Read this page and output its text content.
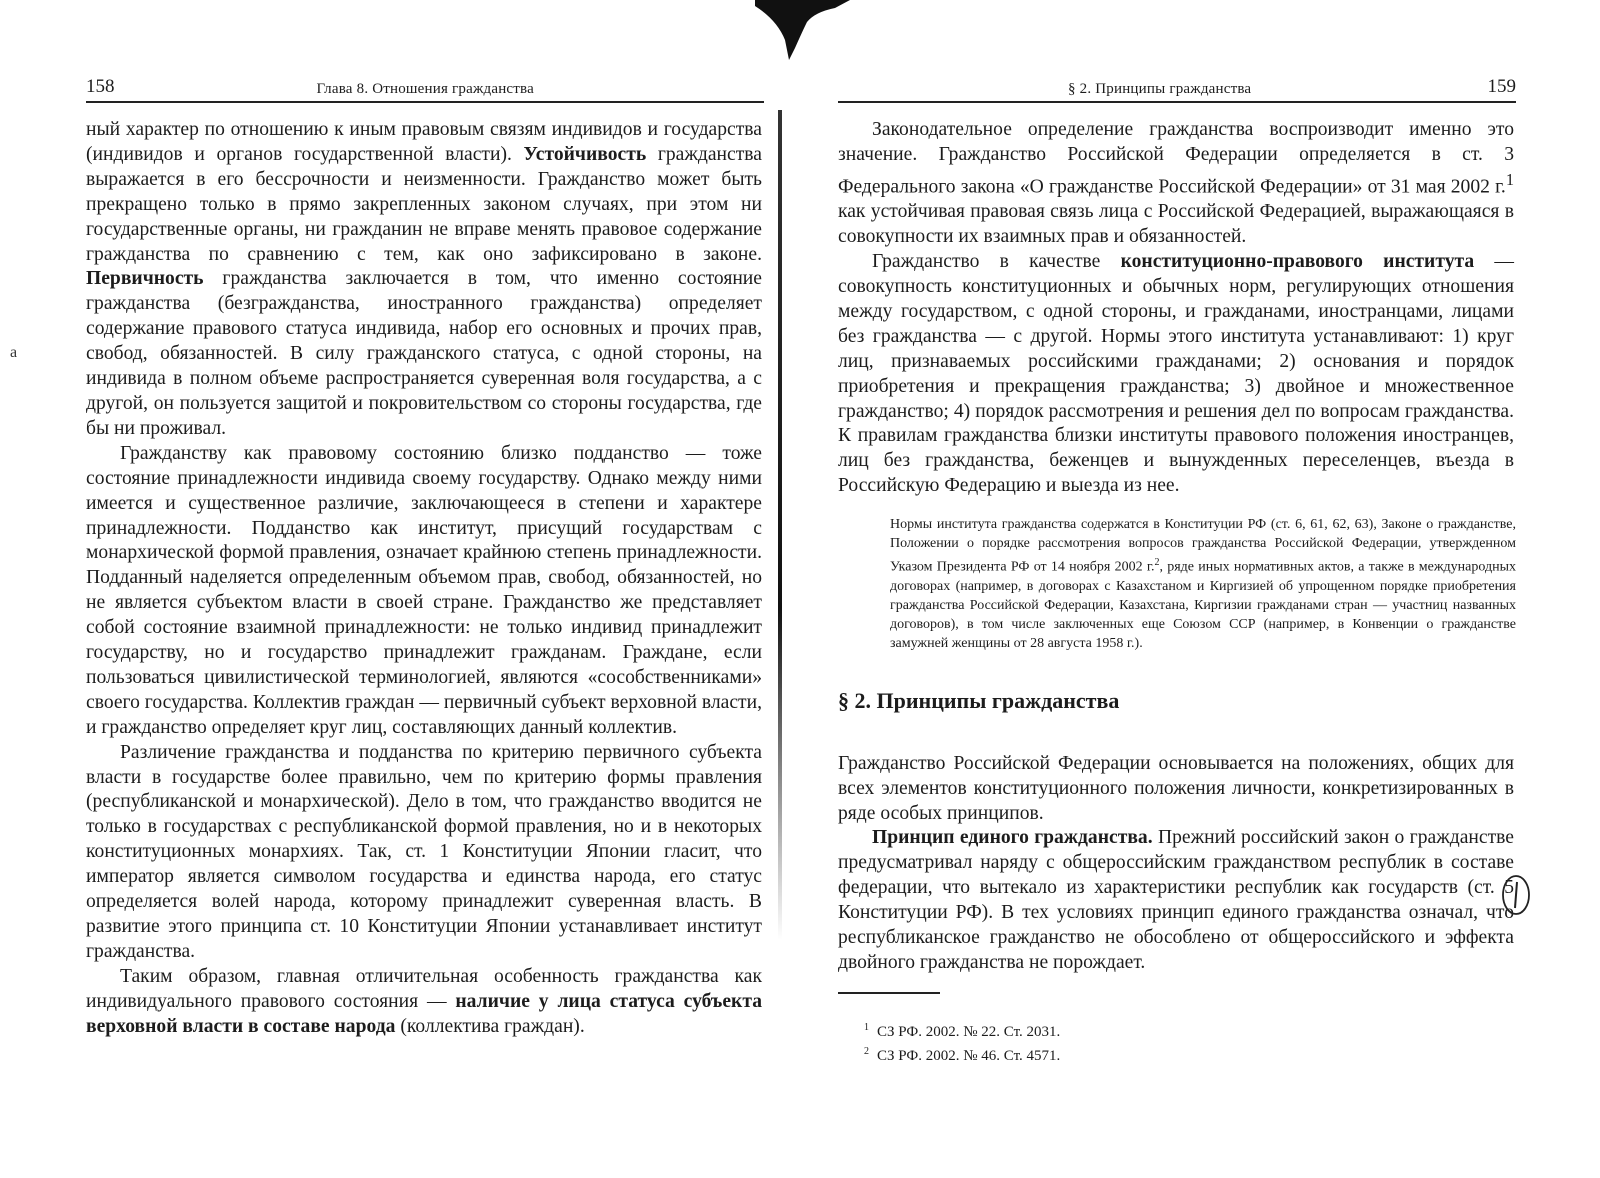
158	Глава 8. Отношения гражданства
а

ный характер по отношению к иным правовым связям индивидов и государства (индивидов и органов государственной власти). Устойчивость гражданства выражается в его бессрочности и неизменности. Гражданство может быть прекращено только в прямо закрепленных законом случаях, при этом ни государственные органы, ни гражданин не вправе менять правовое содержание гражданства по сравнению с тем, как оно зафиксировано в законе. Первичность гражданства заключается в том, что именно состояние гражданства (безгражданства, иностранного гражданства) определяет содержание правового статуса индивида, набор его основных и прочих прав, свобод, обязанностей. В силу гражданского статуса, с одной стороны, на индивида в полном объеме распространяется суверенная воля государства, а с другой, он пользуется защитой и покровительством со стороны государства, где бы ни проживал.

Гражданству как правовому состоянию близко подданство — тоже состояние принадлежности индивида своему государству. Однако между ними имеется и существенное различие, заключающееся в степени и характере принадлежности. Подданство как институт, присущий государствам с монархической формой правления, означает крайнюю степень принадлежности. Подданный наделяется определенным объемом прав, свобод, обязанностей, но не является субъектом власти в своей стране. Гражданство же представляет собой состояние взаимной принадлежности: не только индивид принадлежит государству, но и государство принадлежит гражданам. Граждане, если пользоваться цивилистической терминологией, являются «сособственниками» своего государства. Коллектив граждан — первичный субъект верховной власти, и гражданство определяет круг лиц, составляющих данный коллектив.

Различение гражданства и подданства по критерию первичного субъекта власти в государстве более правильно, чем по критерию формы правления (республиканской и монархической). Дело в том, что гражданство вводится не только в государствах с республиканской формой правления, но и в некоторых конституционных монархиях. Так, ст. 1 Конституции Японии гласит, что император является символом государства и единства народа, его статус определяется волей народа, которому принадлежит суверенная власть. В развитие этого принципа ст. 10 Конституции Японии устанавливает институт гражданства.

Таким образом, главная отличительная особенность гражданства как индивидуального правового состояния — наличие у лица статуса субъекта верховной власти в составе народа (коллектива граждан).

§ 2. Принципы гражданства	159

Законодательное определение гражданства воспроизводит именно это значение. Гражданство Российской Федерации определяется в ст. 3 Федерального закона «О гражданстве Российской Федерации» от 31 мая 2002 г.$^1$ как устойчивая правовая связь лица с Российской Федерацией, выражающаяся в совокупности их взаимных прав и обязанностей.

Гражданство в качестве конституционно-правового института — совокупность конституционных и обычных норм, регулирующих отношения между государством, с одной стороны, и гражданами, иностранцами, лицами без гражданства — с другой. Нормы этого института устанавливают: 1) круг лиц, признаваемых российскими гражданами; 2) основания и порядок приобретения и прекращения гражданства; 3) двойное и множественное гражданство; 4) порядок рассмотрения и решения дел по вопросам гражданства. К правилам гражданства близки институты правового положения иностранцев, лиц без гражданства, беженцев и вынужденных переселенцев, въезда в Российскую Федерацию и выезда из нее.

Нормы института гражданства содержатся в Конституции РФ (ст. 6, 61, 62, 63), Законе о гражданстве, Положении о порядке рассмотрения вопросов гражданства Российской Федерации, утвержденном Указом Президента РФ от 14 ноября 2002 г.$^2$, ряде иных нормативных актов, а также в международных договорах (например, в договорах с Казахстаном и Киргизией об упрощенном порядке приобретения гражданства Российской Федерации, Казахстана, Киргизии гражданами стран — участниц названных договоров), в том числе заключенных еще Союзом ССР (например, в Конвенции о гражданстве замужней женщины от 28 августа 1958 г.).

§ 2. Принципы гражданства

Гражданство Российской Федерации основывается на положениях, общих для всех элементов конституционного положения личности, конкретизированных в ряде особых принципов.

Принцип единого гражданства. Прежний российский закон о гражданстве предусматривал наряду с общероссийским гражданством республик в составе федерации, что вытекало из характеристики республик как государств (ст. 5 Конституции РФ). В тех условиях принцип единого гражданства означал, что республиканское гражданство не обособлено от общероссийского и эффекта двойного гражданства не порождает.

$^1$ СЗ РФ. 2002. № 22. Ст. 2031.
$^2$ СЗ РФ. 2002. № 46. Ст. 4571.
